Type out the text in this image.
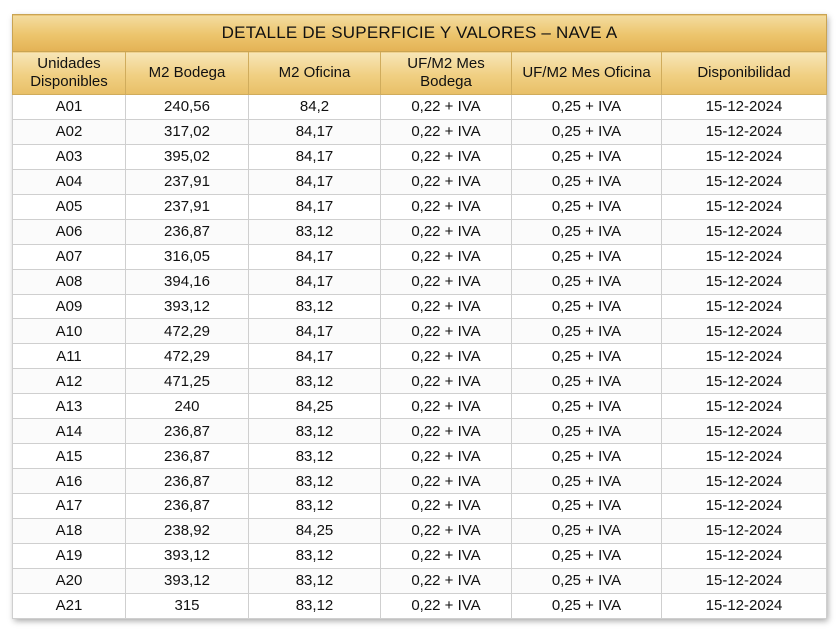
DETALLE DE SUPERFICIE Y VALORES – NAVE A					
Unidades Disponibles	M2 Bodega	M2 Oficina	UF/M2 Mes Bodega	UF/M2 Mes Oficina	Disponibilidad
A01	240,56	84,2	0,22 + IVA	0,25 + IVA	15-12-2024
A02	317,02	84,17	0,22 + IVA	0,25 + IVA	15-12-2024
A03	395,02	84,17	0,22 + IVA	0,25 + IVA	15-12-2024
A04	237,91	84,17	0,22 + IVA	0,25 + IVA	15-12-2024
A05	237,91	84,17	0,22 + IVA	0,25 + IVA	15-12-2024
A06	236,87	83,12	0,22 + IVA	0,25 + IVA	15-12-2024
A07	316,05	84,17	0,22 + IVA	0,25 + IVA	15-12-2024
A08	394,16	84,17	0,22 + IVA	0,25 + IVA	15-12-2024
A09	393,12	83,12	0,22 + IVA	0,25 + IVA	15-12-2024
A10	472,29	84,17	0,22 + IVA	0,25 + IVA	15-12-2024
A11	472,29	84,17	0,22 + IVA	0,25 + IVA	15-12-2024
A12	471,25	83,12	0,22 + IVA	0,25 + IVA	15-12-2024
A13	240	84,25	0,22 + IVA	0,25 + IVA	15-12-2024
A14	236,87	83,12	0,22 + IVA	0,25 + IVA	15-12-2024
A15	236,87	83,12	0,22 + IVA	0,25 + IVA	15-12-2024
A16	236,87	83,12	0,22 + IVA	0,25 + IVA	15-12-2024
A17	236,87	83,12	0,22 + IVA	0,25 + IVA	15-12-2024
A18	238,92	84,25	0,22 + IVA	0,25 + IVA	15-12-2024
A19	393,12	83,12	0,22 + IVA	0,25 + IVA	15-12-2024
A20	393,12	83,12	0,22 + IVA	0,25 + IVA	15-12-2024
A21	315	83,12	0,22 + IVA	0,25 + IVA	15-12-2024
